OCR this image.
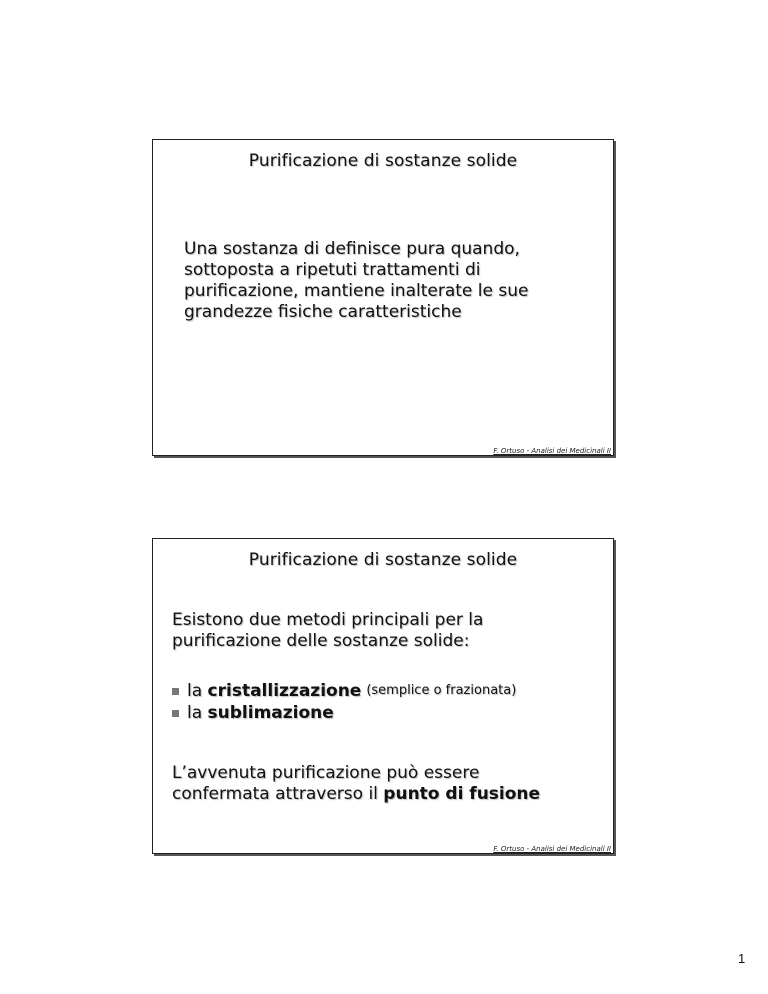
Purificazione di sostanze solide
Una sostanza di definisce pura quando,
sottoposta a ripetuti trattamenti di
purificazione, mantiene inalterate le sue
grandezze fisiche caratteristiche
F. Ortuso - Analisi dei Medicinali II
Purificazione di sostanze solide
Esistono due metodi principali per la
purificazione delle sostanze solide:
la
cristallizzazione (semplice o frazionata)
la
sublimazione
L’avvenuta purificazione può essere
confermata attraverso il punto di fusione
F. Ortuso - Analisi dei Medicinali II
1
